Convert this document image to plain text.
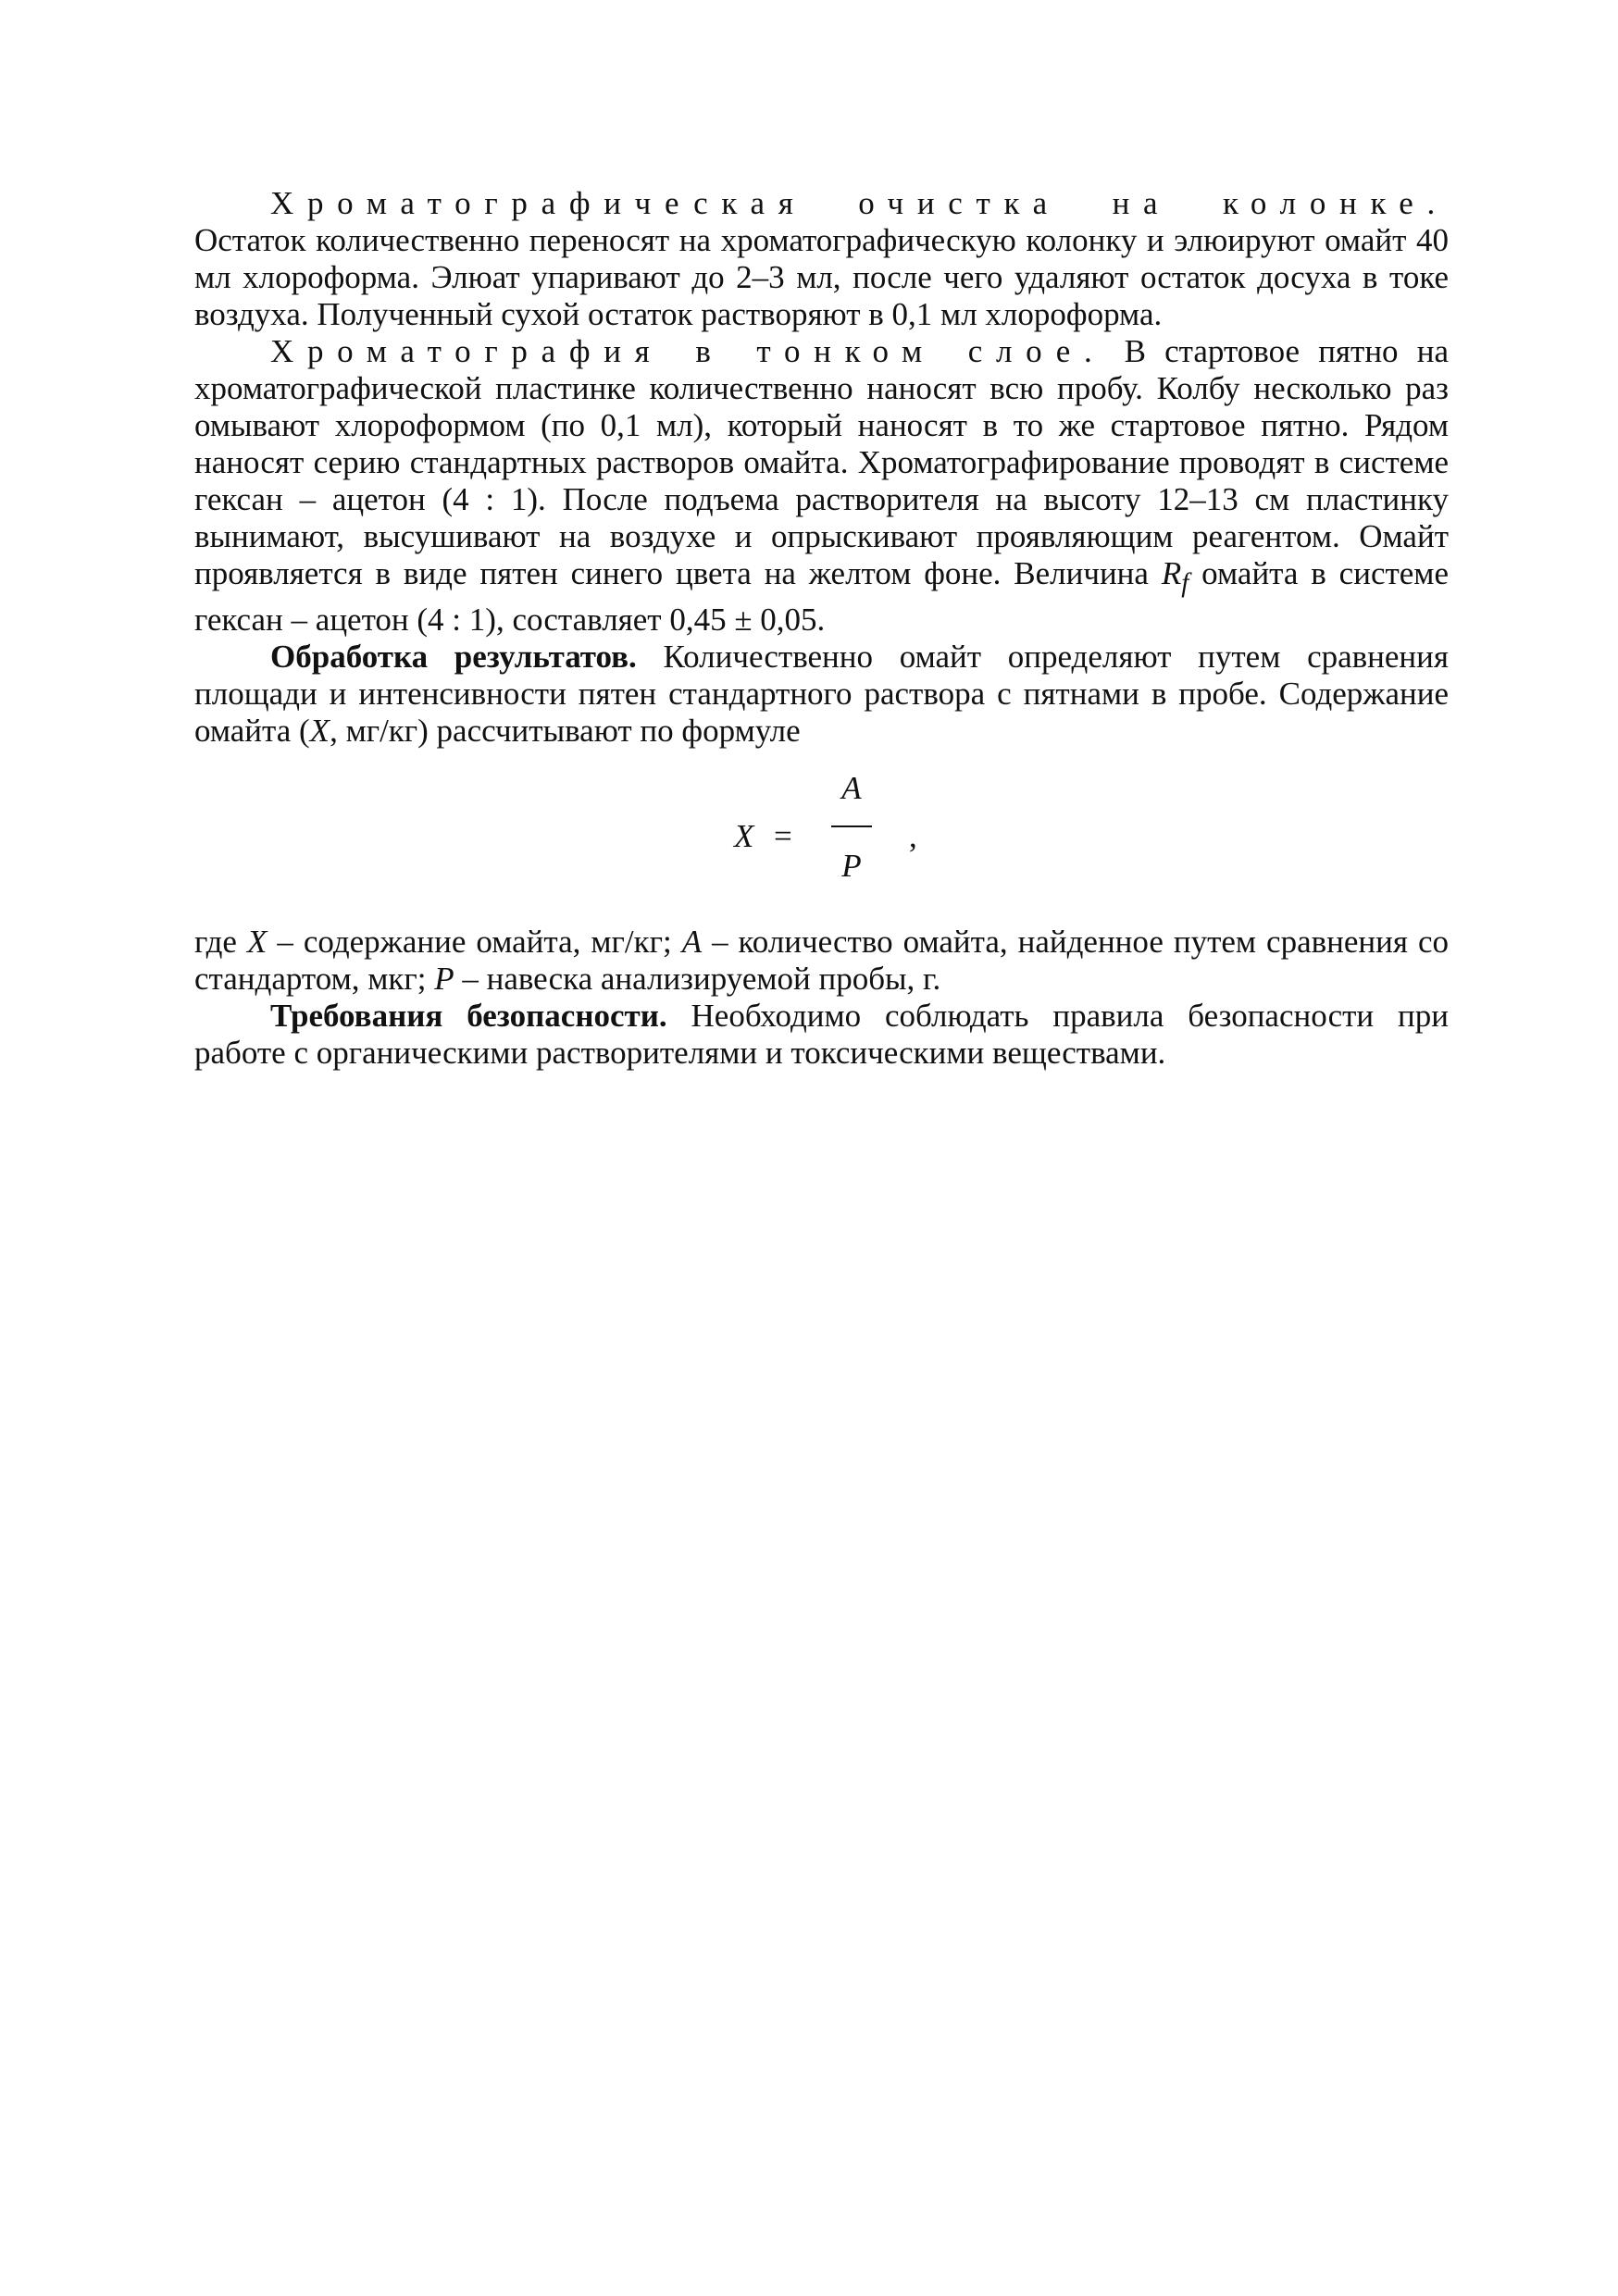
Хроматографическая очистка на колонке. Остаток количественно переносят на хроматографическую колонку и элюируют омайт 40 мл хлороформа. Элюат упаривают до 2–3 мл, после чего удаляют остаток досуха в токе воздуха. Полученный сухой остаток растворяют в 0,1 мл хлороформа.

Хроматография в тонком слое. В стартовое пятно на хроматографической пластинке количественно наносят всю пробу. Колбу несколько раз омывают хлороформом (по 0,1 мл), который наносят в то же стартовое пятно. Рядом наносят серию стандартных растворов омайта. Хроматографирование проводят в системе гексан – ацетон (4 : 1). После подъема растворителя на высоту 12–13 см пластинку вынимают, высушивают на воздухе и опрыскивают проявляющим реагентом. Омайт проявляется в виде пятен синего цвета на желтом фоне. Величина $R_f$ омайта в системе гексан – ацетон (4 : 1), составляет 0,45 ± 0,05.

Обработка результатов. Количественно омайт определяют путем сравнения площади и интенсивности пятен стандартного раствора с пятнами в пробе. Содержание омайта (X, мг/кг) рассчитывают по формуле

X =
A
P
,

где X – содержание омайта, мг/кг; A – количество омайта, найденное путем сравнения со стандартом, мкг; P – навеска анализируемой пробы, г.

Требования безопасности. Необходимо соблюдать правила безопасности при работе с органическими растворителями и токсическими веществами.
